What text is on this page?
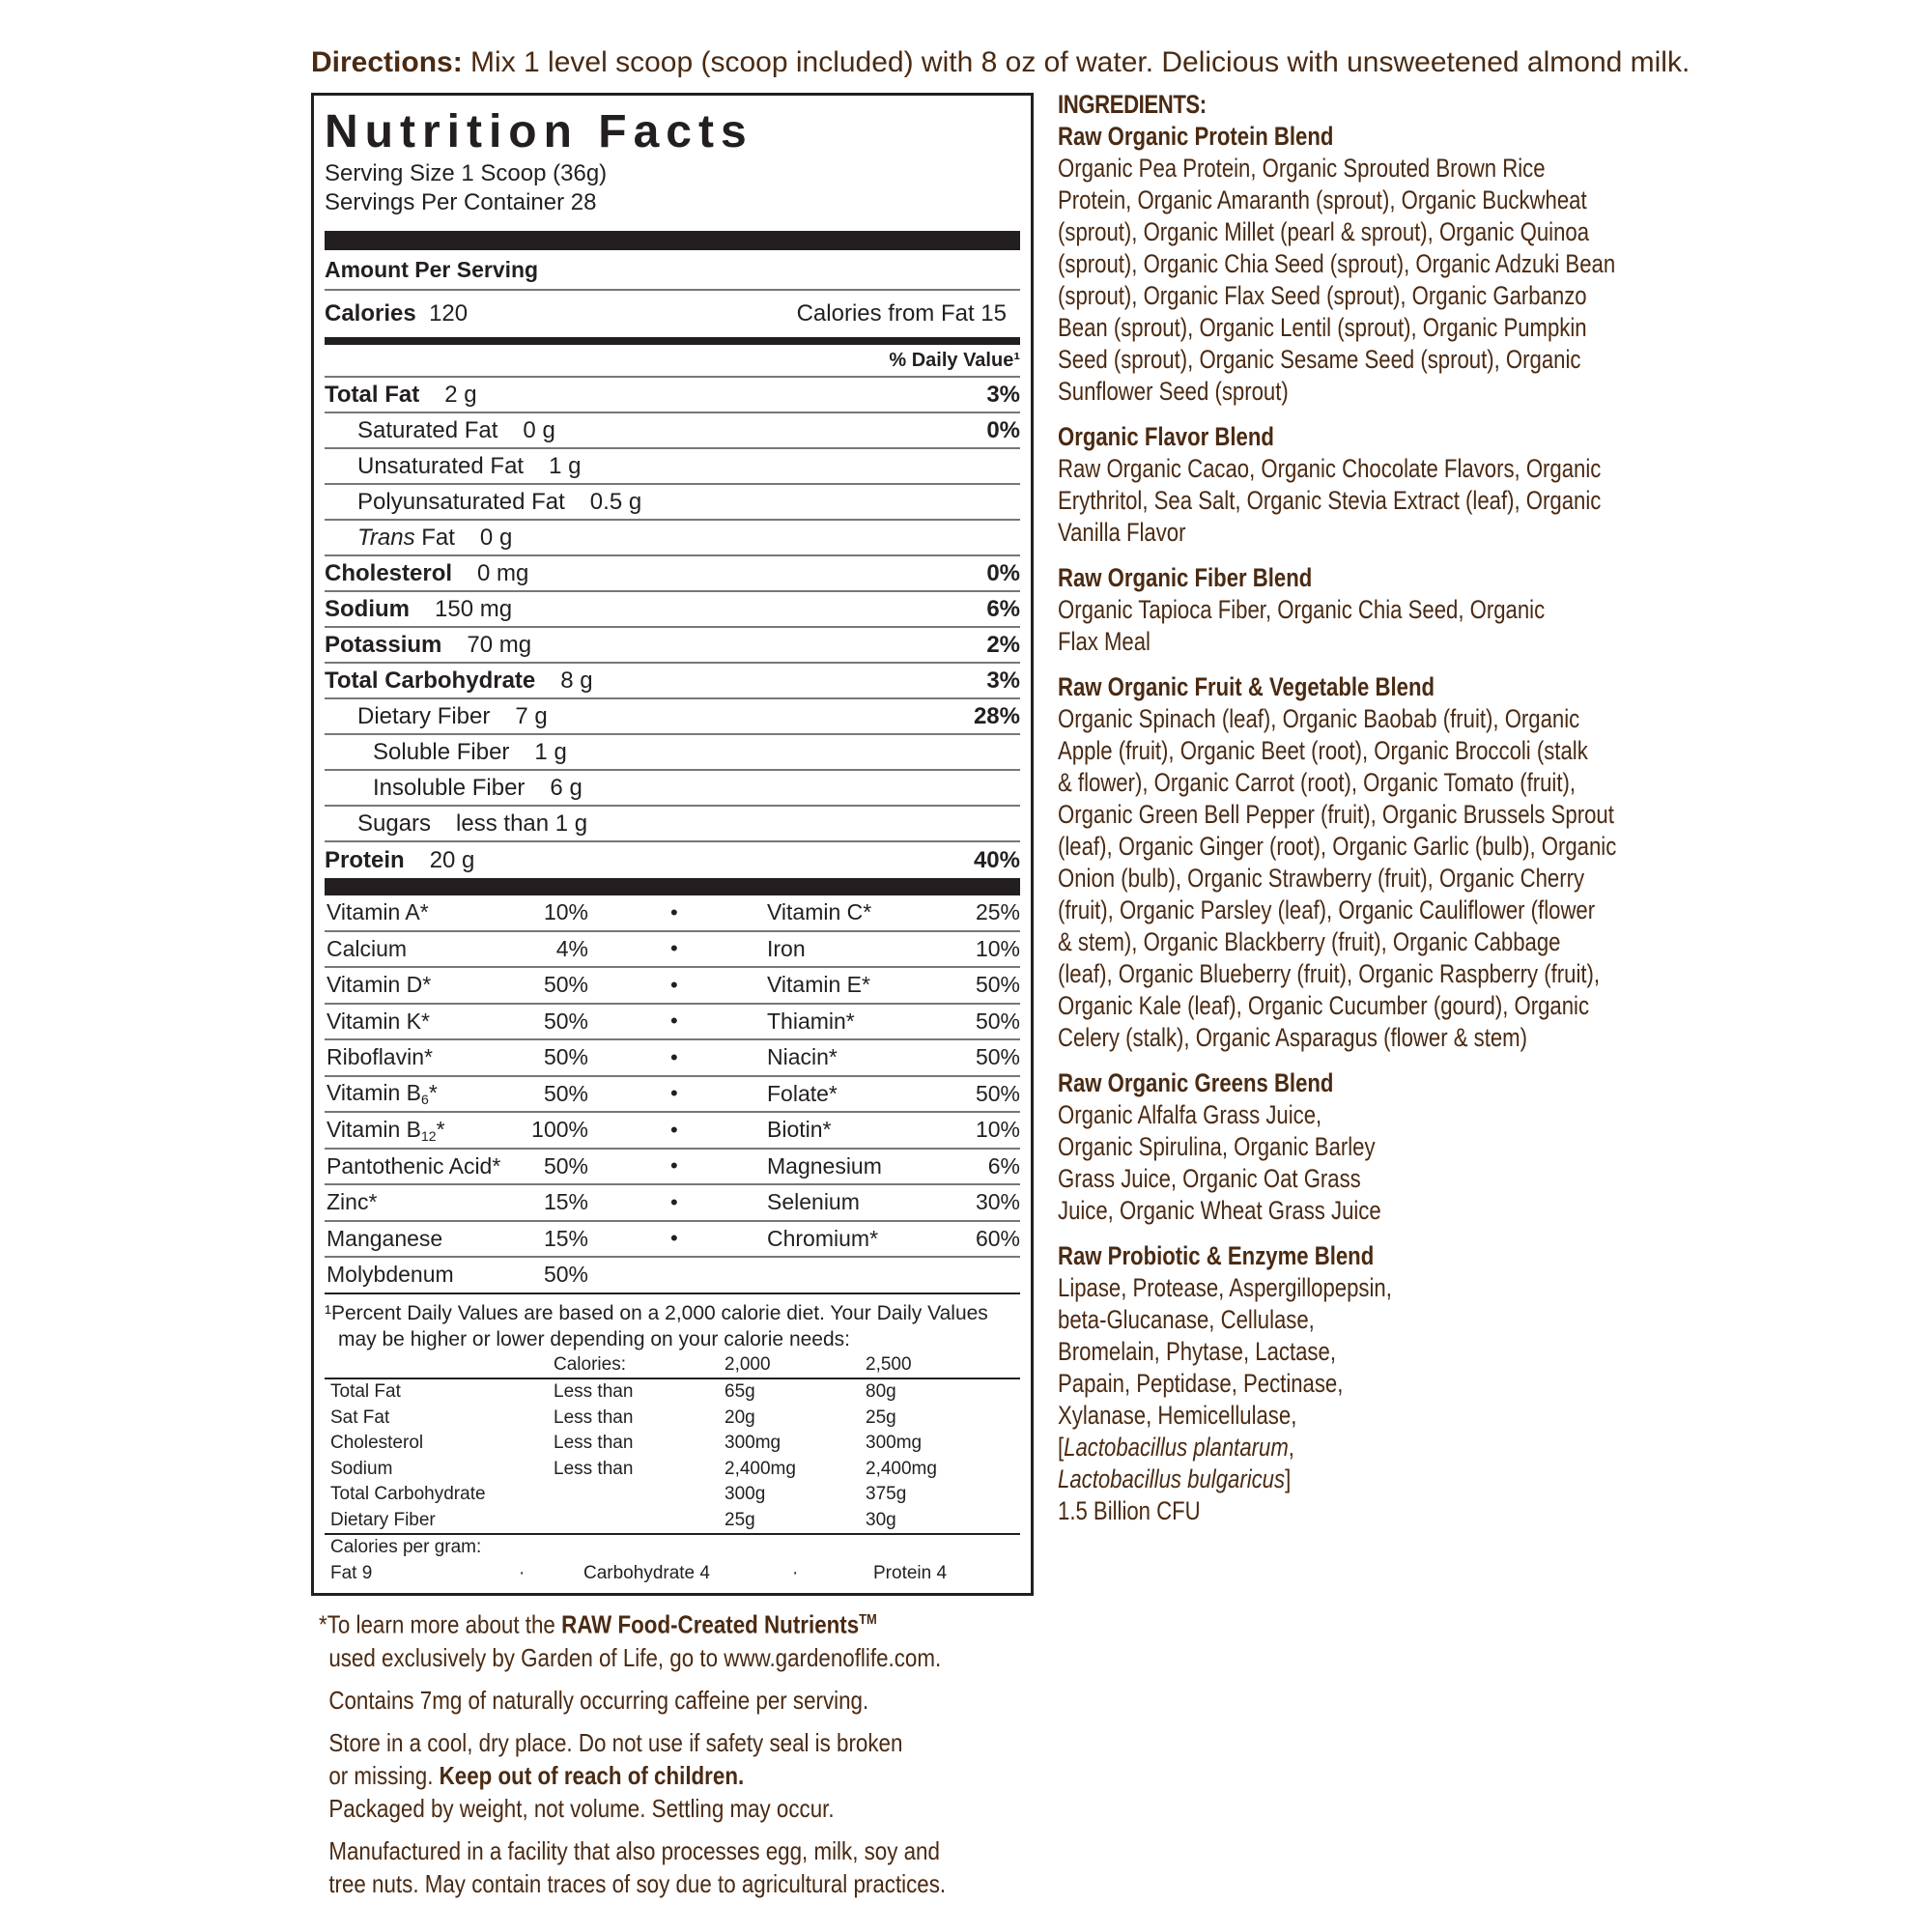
Directions: Mix 1 level scoop (scoop included) with 8 oz of water. Delicious with unsweetened almond milk.
Nutrition Facts
Serving Size 1 Scoop (36g)
Servings Per Container 28
Amount Per Serving
Calories
120	Calories from Fat 15
% Daily Value¹
Total Fat 2 g	3%
Saturated Fat 0 g	0%
Unsaturated Fat 1 g
Polyunsaturated Fat 0.5 g
Trans Fat 0 g
Cholesterol 0 mg	0%
Sodium 150 mg	6%
Potassium 70 mg	2%
Total Carbohydrate 8 g	3%
Dietary Fiber 7 g	28%
Soluble Fiber 1 g
Insoluble Fiber 6 g
Sugars less than 1 g
Protein 20 g	40%
Vitamin A*	10%	•	Vitamin C*	25%
Calcium	4%	•	Iron	10%
Vitamin D*	50%	•	Vitamin E*	50%
Vitamin K*	50%	•	Thiamin*	50%
Riboflavin*	50%	•	Niacin*	50%
Vitamin $B_6*$	50%	•	Folate*	50%
Vitamin $B_{12}*$	100%	•	Biotin*	10%
Pantothenic Acid*	50%	•	Magnesium	6%
Zinc*	15%	•	Selenium	30%
Manganese	15%	•	Chromium*	60%
Molybdenum	50%
¹Percent Daily Values are based on a 2,000 calorie diet. Your Daily Values
may be higher or lower depending on your calorie needs:
Calories:	2,000	2,500
Total Fat	Less than	65g	80g
Sat Fat	Less than	20g	25g
Cholesterol	Less than	300mg	300mg
Sodium	Less than	2,400mg	2,400mg
Total Carbohydrate	300g	375g
Dietary Fiber	25g	30g
Calories per gram:
Fat 9	·	Carbohydrate 4	·	Protein 4
INGREDIENTS:
Raw Organic Protein Blend
Organic Pea Protein, Organic Sprouted Brown Rice
Protein, Organic Amaranth (sprout), Organic Buckwheat
(sprout), Organic Millet (pearl & sprout), Organic Quinoa
(sprout), Organic Chia Seed (sprout), Organic Adzuki Bean
(sprout), Organic Flax Seed (sprout), Organic Garbanzo
Bean (sprout), Organic Lentil (sprout), Organic Pumpkin
Seed (sprout), Organic Sesame Seed (sprout), Organic
Sunflower Seed (sprout)
Organic Flavor Blend
Raw Organic Cacao, Organic Chocolate Flavors, Organic
Erythritol, Sea Salt, Organic Stevia Extract (leaf), Organic
Vanilla Flavor
Raw Organic Fiber Blend
Organic Tapioca Fiber, Organic Chia Seed, Organic
Flax Meal
Raw Organic Fruit & Vegetable Blend
Organic Spinach (leaf), Organic Baobab (fruit), Organic
Apple (fruit), Organic Beet (root), Organic Broccoli (stalk
& flower), Organic Carrot (root), Organic Tomato (fruit),
Organic Green Bell Pepper (fruit), Organic Brussels Sprout
(leaf), Organic Ginger (root), Organic Garlic (bulb), Organic
Onion (bulb), Organic Strawberry (fruit), Organic Cherry
(fruit), Organic Parsley (leaf), Organic Cauliflower (flower
& stem), Organic Blackberry (fruit), Organic Cabbage
(leaf), Organic Blueberry (fruit), Organic Raspberry (fruit),
Organic Kale (leaf), Organic Cucumber (gourd), Organic
Celery (stalk), Organic Asparagus (flower & stem)
Raw Organic Greens Blend
Organic Alfalfa Grass Juice,
Organic Spirulina, Organic Barley
Grass Juice, Organic Oat Grass
Juice, Organic Wheat Grass Juice
Raw Probiotic & Enzyme Blend
Lipase, Protease, Aspergillopepsin,
beta-Glucanase, Cellulase,
Bromelain, Phytase, Lactase,
Papain, Peptidase, Pectinase,
Xylanase, Hemicellulase,
[Lactobacillus plantarum,
Lactobacillus bulgaricus]
1.5 Billion CFU
*To learn more about the RAW Food-Created Nutrients™
used exclusively by Garden of Life, go to www.gardenoflife.com.
Contains 7mg of naturally occurring caffeine per serving.
Store in a cool, dry place. Do not use if safety seal is broken
or missing. Keep out of reach of children.
Packaged by weight, not volume. Settling may occur.
Manufactured in a facility that also processes egg, milk, soy and
tree nuts. May contain traces of soy due to agricultural practices.
